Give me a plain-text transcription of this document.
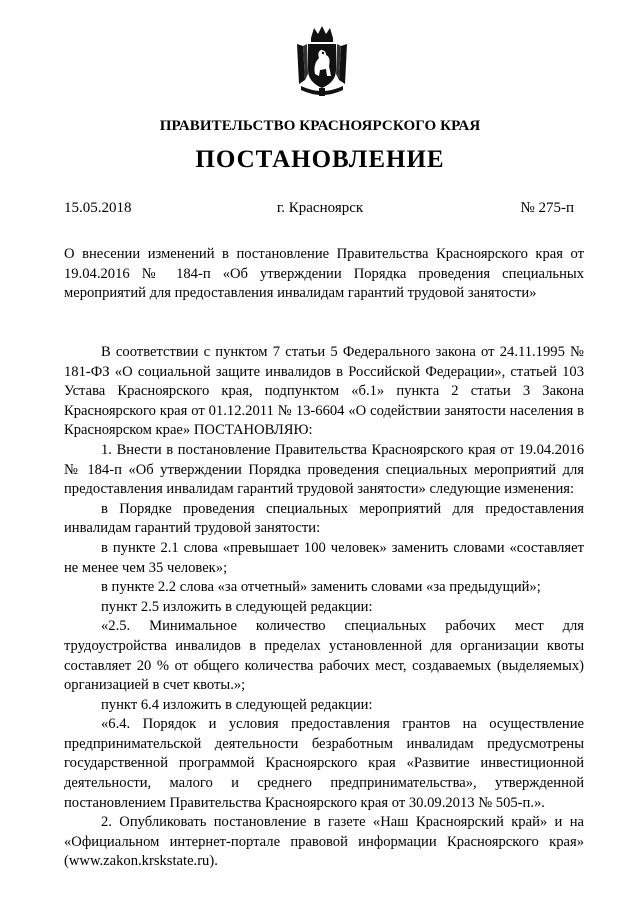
ПРАВИТЕЛЬСТВО КРАСНОЯРСКОГО КРАЯ
ПОСТАНОВЛЕНИЕ
15.05.2018	г. Красноярск	№ 275-п
О внесении изменений в постановление Правительства Красноярского края от 19.04.2016 № 184-п «Об утверждении Порядка проведения специальных мероприятий для предоставления инвалидам гарантий трудовой занятости»

В соответствии с пунктом 7 статьи 5 Федерального закона от 24.11.1995 № 181-ФЗ «О социальной защите инвалидов в Российской Федерации», статьей 103 Устава Красноярского края, подпунктом «б.1» пункта 2 статьи 3 Закона Красноярского края от 01.12.2011 № 13-6604 «О содействии занятости населения в Красноярском крае» ПОСТАНОВЛЯЮ:

1. Внести в постановление Правительства Красноярского края от 19.04.2016 № 184-п «Об утверждении Порядка проведения специальных мероприятий для предоставления инвалидам гарантий трудовой занятости» следующие изменения:

в Порядке проведения специальных мероприятий для предоставления инвалидам гарантий трудовой занятости:

в пункте 2.1 слова «превышает 100 человек» заменить словами «составляет не менее чем 35 человек»;

в пункте 2.2 слова «за отчетный» заменить словами «за предыдущий»;

пункт 2.5 изложить в следующей редакции:

«2.5. Минимальное количество специальных рабочих мест для трудоустройства инвалидов в пределах установленной для организации квоты составляет 20 % от общего количества рабочих мест, создаваемых (выделяемых) организацией в счет квоты.»;

пункт 6.4 изложить в следующей редакции:

«6.4. Порядок и условия предоставления грантов на осуществление предпринимательской деятельности безработным инвалидам предусмотрены государственной программой Красноярского края «Развитие инвестиционной деятельности, малого и среднего предпринимательства», утвержденной постановлением Правительства Красноярского края от 30.09.2013 № 505-п.».

2. Опубликовать постановление в газете «Наш Красноярский край» и на «Официальном интернет-портале правовой информации Красноярского края» (www.zakon.krskstate.ru).
